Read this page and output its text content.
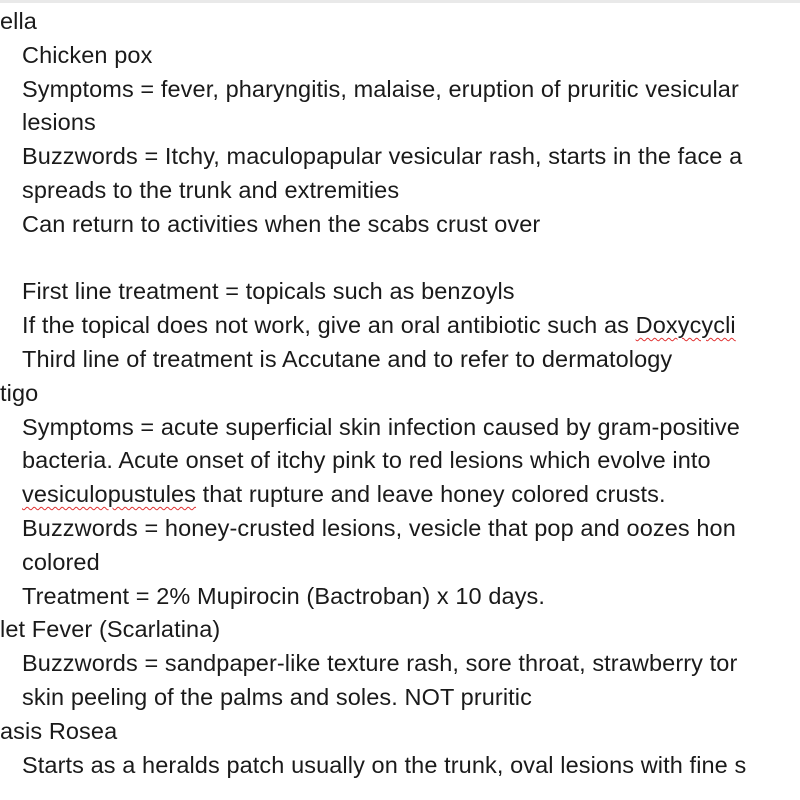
ella
Chicken pox
Symptoms = fever, pharyngitis, malaise, eruption of pruritic vesicular
lesions
Buzzwords = Itchy, maculopapular vesicular rash, starts in the face a
spreads to the trunk and extremities
Can return to activities when the scabs crust over
First line treatment = topicals such as benzoyls
If the topical does not work, give an oral antibiotic such as Doxycycli
Third line of treatment is Accutane and to refer to dermatology
tigo
Symptoms = acute superficial skin infection caused by gram-positive
bacteria. Acute onset of itchy pink to red lesions which evolve into
vesiculopustules that rupture and leave honey colored crusts.
Buzzwords = honey-crusted lesions, vesicle that pop and oozes hon
colored
Treatment = 2% Mupirocin (Bactroban) x 10 days.
let Fever (Scarlatina)
Buzzwords = sandpaper-like texture rash, sore throat, strawberry tor
skin peeling of the palms and soles. NOT pruritic
asis Rosea
Starts as a heralds patch usually on the trunk, oval lesions with fine s
